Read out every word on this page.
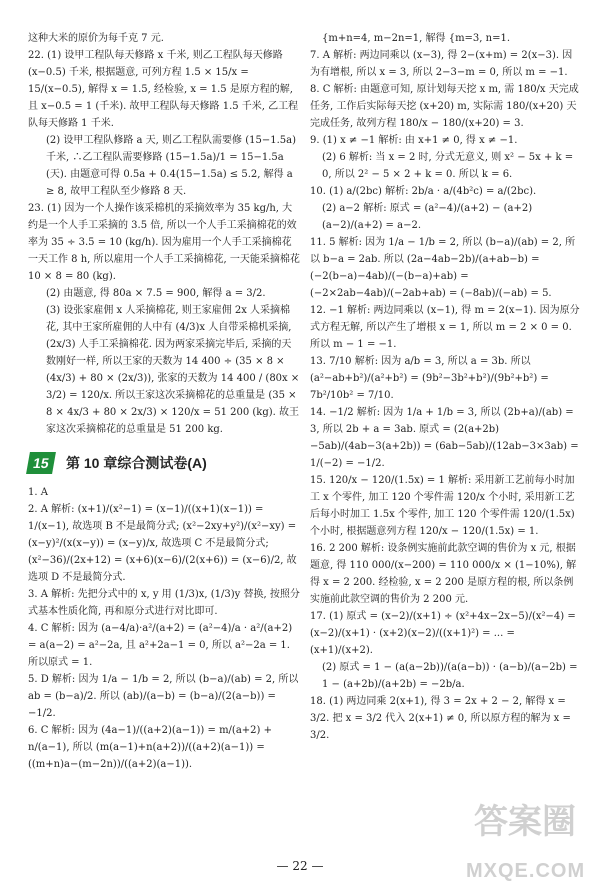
这种大米的原价为每千克 7 元.

22. (1) 设甲工程队每天修路 x 千米, 则乙工程队每天修路 (x−0.5) 千米, 根据题意, 可列方程 1.5 × 15/x = 15/(x−0.5), 解得 x = 1.5, 经检验, x = 1.5 是原方程的解, 且 x−0.5 = 1 (千米). 故甲工程队每天修路 1.5 千米, 乙工程队每天修路 1 千米.

(2) 设甲工程队修路 a 天, 则乙工程队需要修 (15−1.5a) 千米, ∴乙工程队需要修路 (15−1.5a)/1 = 15−1.5a (天). 由题意可得 0.5a + 0.4(15−1.5a) ≤ 5.2, 解得 a ≥ 8, 故甲工程队至少修路 8 天.

23. (1) 因为一个人操作该采棉机的采摘效率为 35 kg/h, 大约是一个人手工采摘的 3.5 倍, 所以一个人手工采摘棉花的效率为 35 ÷ 3.5 = 10 (kg/h). 因为雇用一个人手工采摘棉花一天工作 8 h, 所以雇用一个人手工采摘棉花, 一天能采摘棉花 10 × 8 = 80 (kg).

(2) 由题意, 得 80a × 7.5 = 900, 解得 a = 3/2.

(3) 设张家雇佣 x 人采摘棉花, 则王家雇佣 2x 人采摘棉花, 其中王家所雇佣的人中有 (4/3)x 人自带采棉机采摘, (2x/3) 人手工采摘棉花. 因为两家采摘完毕后, 采摘的天数刚好一样, 所以王家的天数为 14 400 ÷ (35 × 8 × (4x/3) + 80 × (2x/3)), 张家的天数为 14 400 / (80x × 3/2) = 120/x. 所以王家这次采摘棉花的总重量是 (35 × 8 × 4x/3 + 80 × 2x/3) × 120/x = 51 200 (kg). 故王家这次采摘棉花的总重量是 51 200 kg.

15	第 10 章综合测试卷(A)

1. A

2. A 解析: (x+1)/(x²−1) = (x−1)/((x+1)(x−1)) = 1/(x−1), 故选项 B 不是最简分式; (x²−2xy+y²)/(x²−xy) = (x−y)²/(x(x−y)) = (x−y)/x, 故选项 C 不是最简分式; (x²−36)/(2x+12) = (x+6)(x−6)/(2(x+6)) = (x−6)/2, 故选项 D 不是最简分式.

3. A 解析: 先把分式中的 x, y 用 (1/3)x, (1/3)y 替换, 按照分式基本性质化简, 再和原分式进行对比即可.

4. C 解析: 因为 (a−4/a)·a²/(a+2) = (a²−4)/a · a²/(a+2) = a(a−2) = a²−2a, 且 a²+2a−1 = 0, 所以 a²−2a = 1. 所以原式 = 1.

5. D 解析: 因为 1/a − 1/b = 2, 所以 (b−a)/(ab) = 2, 所以 ab = (b−a)/2. 所以 (ab)/(a−b) = (b−a)/(2(a−b)) = −1/2.

6. C 解析: 因为 (4a−1)/((a+2)(a−1)) = m/(a+2) + n/(a−1), 所以 (m(a−1)+n(a+2))/((a+2)(a−1)) = ((m+n)a−(m−2n))/((a+2)(a−1)).

{m+n=4, m−2n=1, 解得 {m=3, n=1.

7. A 解析: 两边同乘以 (x−3), 得 2−(x+m) = 2(x−3). 因为有增根, 所以 x = 3, 所以 2−3−m = 0, 所以 m = −1.

8. C 解析: 由题意可知, 原计划每天挖 x m, 需 180/x 天完成任务, 工作后实际每天挖 (x+20) m, 实际需 180/(x+20) 天完成任务, 故列方程 180/x − 180/(x+20) = 3.

9. (1) x ≠ −1 解析: 由 x+1 ≠ 0, 得 x ≠ −1.

(2) 6 解析: 当 x = 2 时, 分式无意义, 则 x² − 5x + k = 0, 所以 2² − 5 × 2 + k = 0. 所以 k = 6.

10. (1) a/(2bc) 解析: 2b/a · a/(4b²c) = a/(2bc).

(2) a−2 解析: 原式 = (a²−4)/(a+2) − (a+2)(a−2)/(a+2) = a−2.

11. 5 解析: 因为 1/a − 1/b = 2, 所以 (b−a)/(ab) = 2, 所以 b−a = 2ab. 所以 (2a−4ab−2b)/(a+ab−b) = (−2(b−a)−4ab)/(−(b−a)+ab) = (−2×2ab−4ab)/(−2ab+ab) = (−8ab)/(−ab) = 5.

12. −1 解析: 两边同乘以 (x−1), 得 m = 2(x−1). 因为原分式方程无解, 所以产生了增根 x = 1, 所以 m = 2 × 0 = 0. 所以 m − 1 = −1.

13. 7/10 解析: 因为 a/b = 3, 所以 a = 3b. 所以 (a²−ab+b²)/(a²+b²) = (9b²−3b²+b²)/(9b²+b²) = 7b²/10b² = 7/10.

14. −1/2 解析: 因为 1/a + 1/b = 3, 所以 (2b+a)/(ab) = 3, 所以 2b + a = 3ab. 原式 = (2(a+2b)−5ab)/(4ab−3(a+2b)) = (6ab−5ab)/(12ab−3×3ab) = 1/(−2) = −1/2.

15. 120/x − 120/(1.5x) = 1 解析: 采用新工艺前每小时加工 x 个零件, 加工 120 个零件需 120/x 个小时, 采用新工艺后每小时加工 1.5x 个零件, 加工 120 个零件需 120/(1.5x) 个小时, 根据题意列方程 120/x − 120/(1.5x) = 1.

16. 2 200 解析: 设条例实施前此款空调的售价为 x 元, 根据题意, 得 110 000/(x−200) = 110 000/x × (1−10%), 解得 x = 2 200. 经检验, x = 2 200 是原方程的根, 所以条例实施前此款空调的售价为 2 200 元.

17. (1) 原式 = (x−2)/(x+1) ÷ (x²+4x−2x−5)/(x²−4) = (x−2)/(x+1) · (x+2)(x−2)/((x+1)²) = ... = (x+1)/(x+2).

(2) 原式 = 1 − (a(a−2b))/(a(a−b)) · (a−b)/(a−2b) = 1 − (a+2b)/(a+2b) = −2b/a.

18. (1) 两边同乘 2(x+1), 得 3 = 2x + 2 − 2, 解得 x = 3/2. 把 x = 3/2 代入 2(x+1) ≠ 0, 所以原方程的解为 x = 3/2.

— 22 —
答案圈
MXQE.COM
